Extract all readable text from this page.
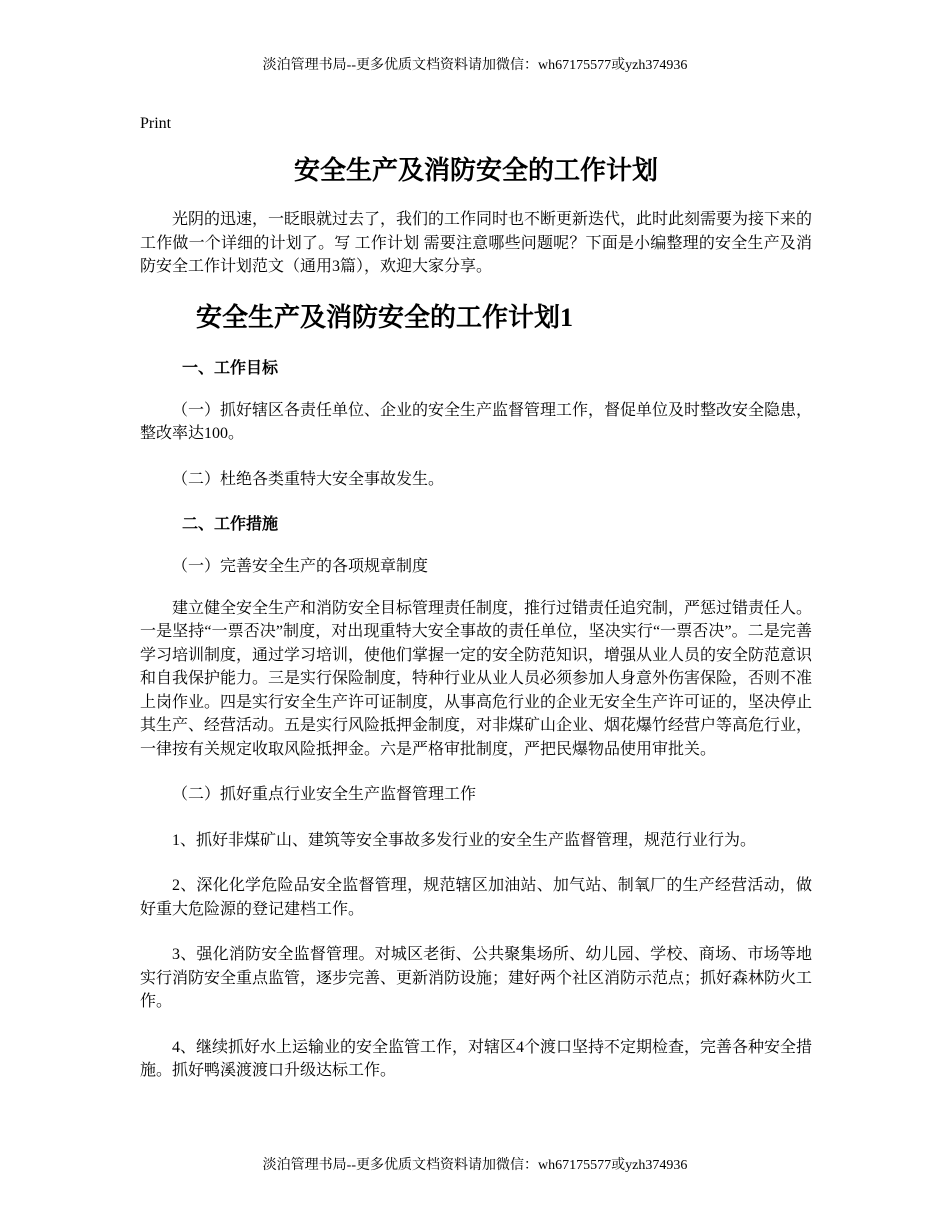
淡泊管理书局--更多优质文档资料请加微信：wh67175577或yzh374936
Print
安全生产及消防安全的工作计划

光阴的迅速，一眨眼就过去了，我们的工作同时也不断更新迭代，此时此刻需要为接下来的工作做一个详细的计划了。写 工作计划 需要注意哪些问题呢？下面是小编整理的安全生产及消防安全工作计划范文（通用3篇），欢迎大家分享。

安全生产及消防安全的工作计划1
一、工作目标

（一）抓好辖区各责任单位、企业的安全生产监督管理工作，督促单位及时整改安全隐患，整改率达100。

（二）杜绝各类重特大安全事故发生。

二、工作措施

（一）完善安全生产的各项规章制度

建立健全安全生产和消防安全目标管理责任制度，推行过错责任追究制，严惩过错责任人。一是坚持“一票否决”制度，对出现重特大安全事故的责任单位，坚决实行“一票否决”。二是完善学习培训制度，通过学习培训，使他们掌握一定的安全防范知识，增强从业人员的安全防范意识和自我保护能力。三是实行保险制度，特种行业从业人员必须参加人身意外伤害保险，否则不准上岗作业。四是实行安全生产许可证制度，从事高危行业的企业无安全生产许可证的，坚决停止其生产、经营活动。五是实行风险抵押金制度，对非煤矿山企业、烟花爆竹经营户等高危行业，一律按有关规定收取风险抵押金。六是严格审批制度，严把民爆物品使用审批关。

（二）抓好重点行业安全生产监督管理工作

1、抓好非煤矿山、建筑等安全事故多发行业的安全生产监督管理，规范行业行为。

2、深化化学危险品安全监督管理，规范辖区加油站、加气站、制氧厂的生产经营活动，做好重大危险源的登记建档工作。

3、强化消防安全监督管理。对城区老街、公共聚集场所、幼儿园、学校、商场、市场等地实行消防安全重点监管，逐步完善、更新消防设施；建好两个社区消防示范点；抓好森林防火工作。

4、继续抓好水上运输业的安全监管工作，对辖区4个渡口坚持不定期检查，完善各种安全措施。抓好鸭溪渡渡口升级达标工作。

淡泊管理书局--更多优质文档资料请加微信：wh67175577或yzh374936
